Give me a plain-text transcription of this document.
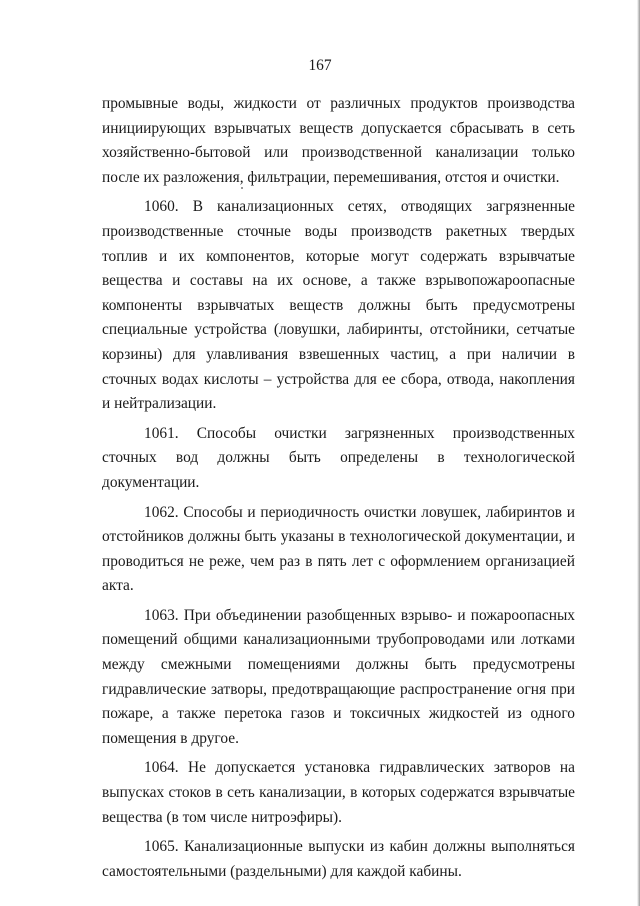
167

промывные воды, жидкости от различных продуктов производства инициирующих взрывчатых веществ допускается сбрасывать в сеть хозяйственно-бытовой или производственной канализации только после их разложения, фильтрации, перемешивания, отстоя и очистки.

1060. В канализационных сетях, отводящих загрязненные производственные сточные воды производств ракетных твердых топлив и их компонентов, которые могут содержать взрывчатые вещества и составы на их основе, а также взрывопожароопасные компоненты взрывчатых веществ должны быть предусмотрены специальные устройства (ловушки, лабиринты, отстойники, сетчатые корзины) для улавливания взвешенных частиц, а при наличии в сточных водах кислоты – устройства для ее сбора, отвода, накопления и нейтрализации.

1061. Способы очистки загрязненных производственных сточных вод должны быть определены в технологической документации.

1062. Способы и периодичность очистки ловушек, лабиринтов и отстойников должны быть указаны в технологической документации, и проводиться не реже, чем раз в пять лет с оформлением организацией акта.

1063. При объединении разобщенных взрыво- и пожароопасных помещений общими канализационными трубопроводами или лотками между смежными помещениями должны быть предусмотрены гидравлические затворы, предотвращающие распространение огня при пожаре, а также перетока газов и токсичных жидкостей из одного помещения в другое.

1064. Не допускается установка гидравлических затворов на выпусках стоков в сеть канализации, в которых содержатся взрывчатые вещества (в том числе нитроэфиры).

1065. Канализационные выпуски из кабин должны выполняться самостоятельными (раздельными) для каждой кабины.
